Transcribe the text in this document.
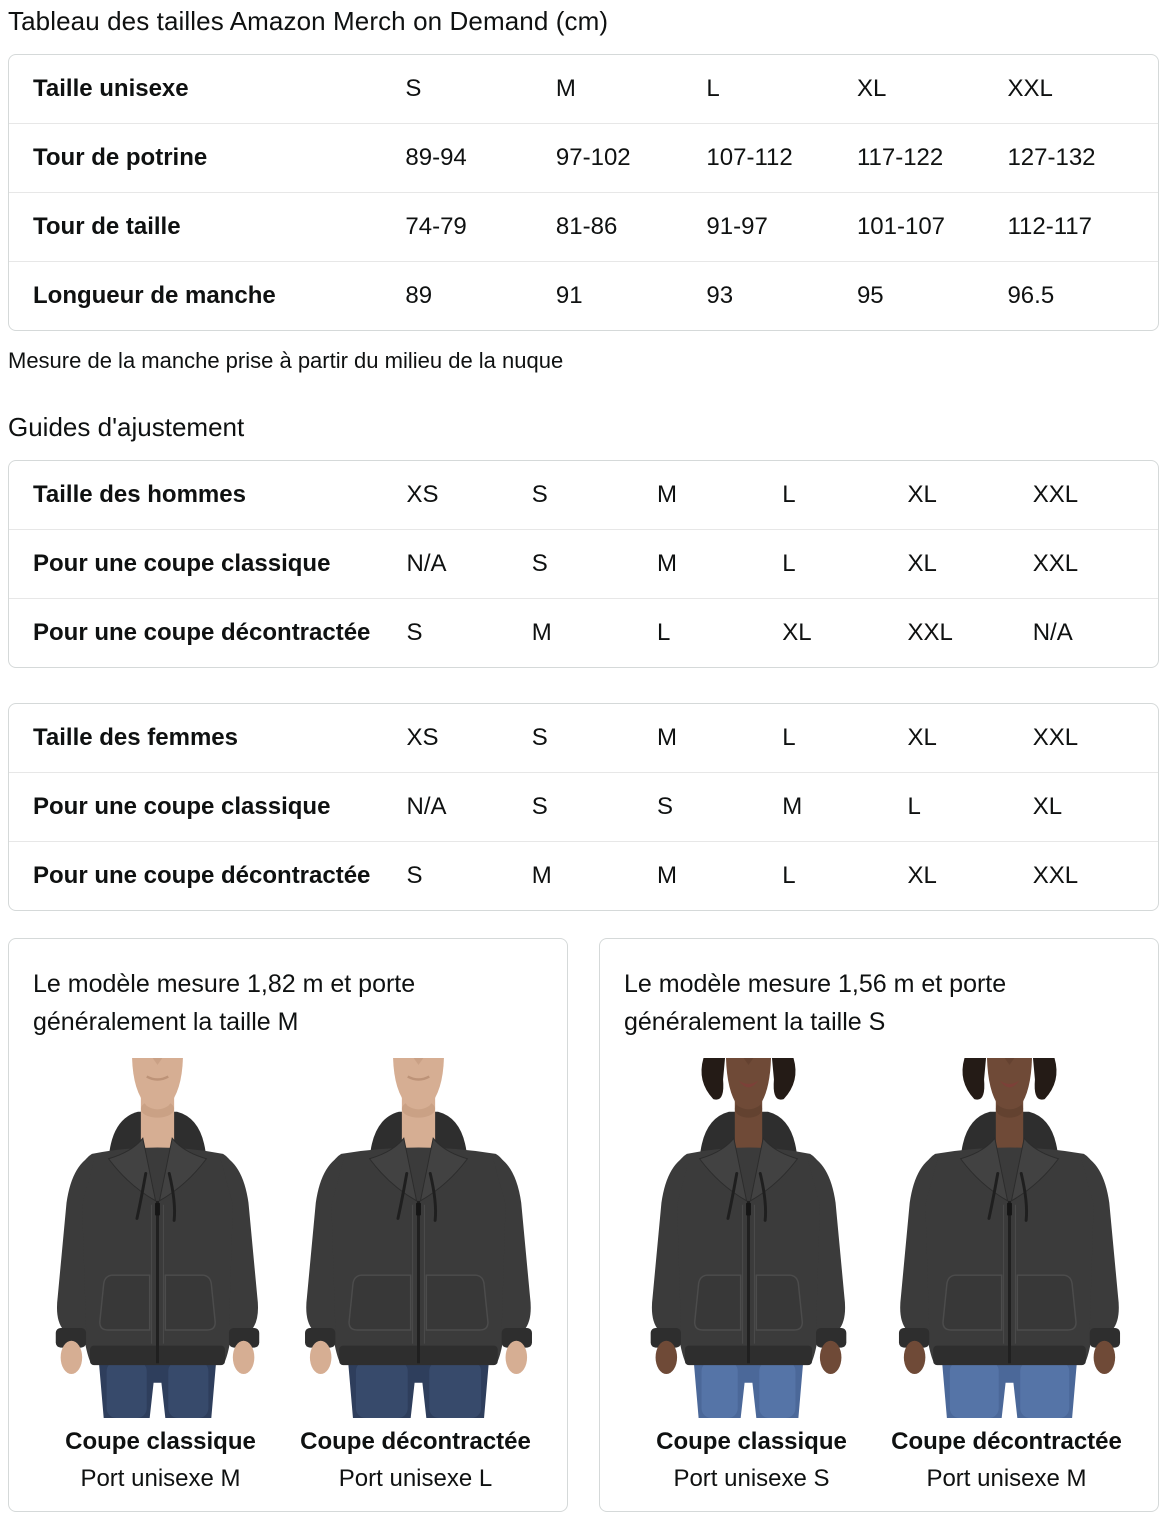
Tableau des tailles Amazon Merch on Demand (cm)
Taille unisexe	S	M	L	XL	XXL
Tour de potrine	89-94	97-102	107-112	117-122	127-132
Tour de taille	74-79	81-86	91-97	101-107	112-117
Longueur de manche	89	91	93	95	96.5

Mesure de la manche prise à partir du milieu de la nuque

Guides d'ajustement
Taille des hommes	XS	S	M	L	XL	XXL
Pour une coupe classique	N/A	S	M	L	XL	XXL
Pour une coupe décontractée	S	M	L	XL	XXL	N/A
Taille des femmes	XS	S	M	L	XL	XXL
Pour une coupe classique	N/A	S	S	M	L	XL
Pour une coupe décontractée	S	M	M	L	XL	XXL

Le modèle mesure 1,82 m et porte généralement la taille M

Coupe classique

Port unisexe M

Coupe décontractée

Port unisexe L

Le modèle mesure 1,56 m et porte généralement la taille S

Coupe classique

Port unisexe S

Coupe décontractée

Port unisexe M
